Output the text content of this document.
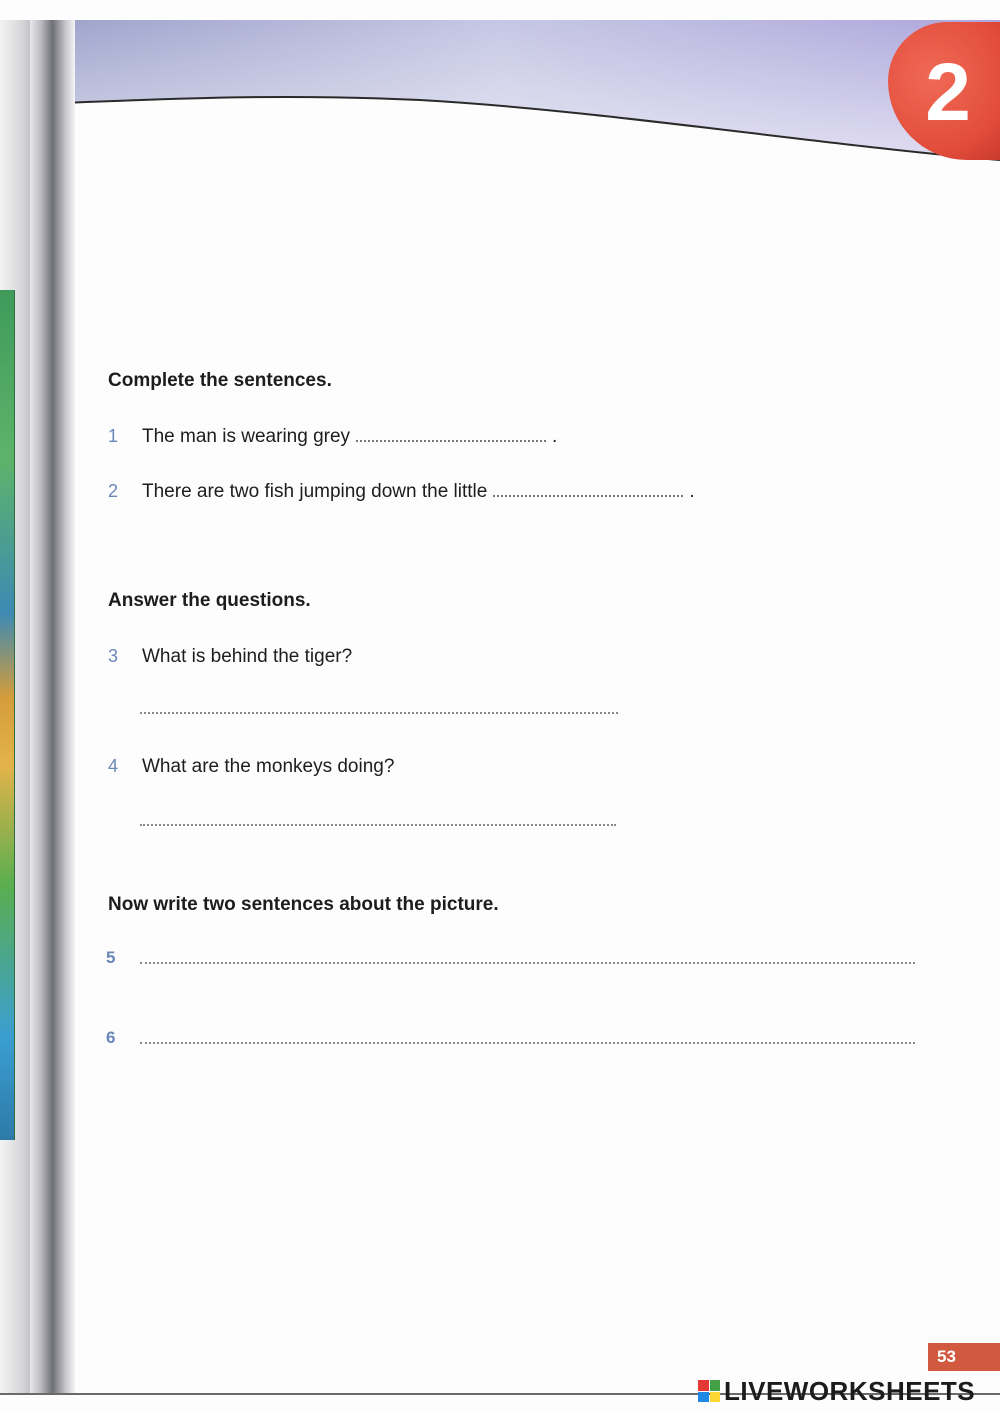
2
Complete the sentences.
1	The man is wearing grey	.
2	There are two fish jumping down the little	.
Answer the questions.
3	What is behind the tiger?
4	What are the monkeys doing?
Now write two sentences about the picture.
5
6
53
LIVEWORKSHEETS
